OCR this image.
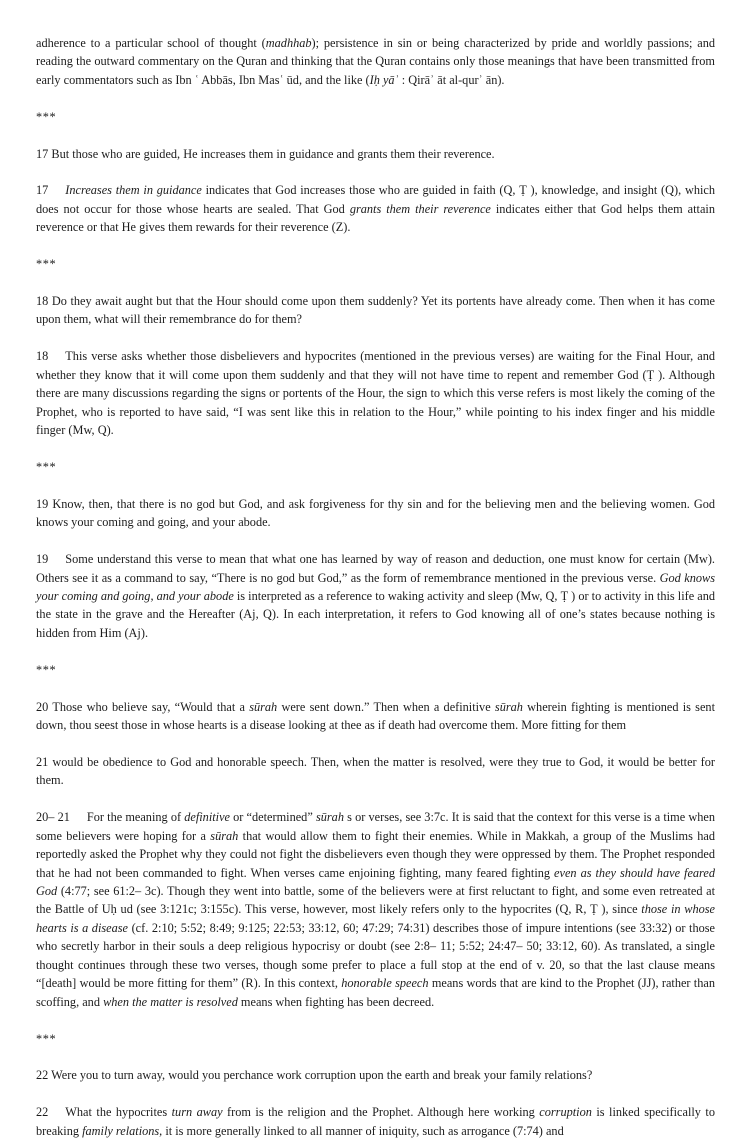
adherence to a particular school of thought (madhhab); persistence in sin or being characterized by pride and worldly passions; and reading the outward commentary on the Quran and thinking that the Quran contains only those meanings that have been transmitted from early commentators such as Ibn ʿ Abbās, Ibn Masʿ ūd, and the like (Iḥ yāʾ : Qirāʾ āt al-qurʾ ān).

***

17 But those who are guided, He increases them in guidance and grants them their reverence.

17 Increases them in guidance indicates that God increases those who are guided in faith (Q, Ṭ ), knowledge, and insight (Q), which does not occur for those whose hearts are sealed. That God grants them their reverence indicates either that God helps them attain reverence or that He gives them rewards for their reverence (Z).

***

18 Do they await aught but that the Hour should come upon them suddenly? Yet its portents have already come. Then when it has come upon them, what will their remembrance do for them?

18 This verse asks whether those disbelievers and hypocrites (mentioned in the previous verses) are waiting for the Final Hour, and whether they know that it will come upon them suddenly and that they will not have time to repent and remember God (Ṭ ). Although there are many discussions regarding the signs or portents of the Hour, the sign to which this verse refers is most likely the coming of the Prophet, who is reported to have said, “I was sent like this in relation to the Hour,” while pointing to his index finger and his middle finger (Mw, Q).

***

19 Know, then, that there is no god but God, and ask forgiveness for thy sin and for the believing men and the believing women. God knows your coming and going, and your abode.

19 Some understand this verse to mean that what one has learned by way of reason and deduction, one must know for certain (Mw). Others see it as a command to say, “There is no god but God,” as the form of remembrance mentioned in the previous verse. God knows your coming and going, and your abode is interpreted as a reference to waking activity and sleep (Mw, Q, Ṭ ) or to activity in this life and the state in the grave and the Hereafter (Aj, Q). In each interpretation, it refers to God knowing all of one’s states because nothing is hidden from Him (Aj).

***

20 Those who believe say, “Would that a sūrah were sent down.” Then when a definitive sūrah wherein fighting is mentioned is sent down, thou seest those in whose hearts is a disease looking at thee as if death had overcome them. More fitting for them

21 would be obedience to God and honorable speech. Then, when the matter is resolved, were they true to God, it would be better for them.

20– 21 For the meaning of definitive or “determined” sūrah s or verses, see 3:7c. It is said that the context for this verse is a time when some believers were hoping for a sūrah that would allow them to fight their enemies. While in Makkah, a group of the Muslims had reportedly asked the Prophet why they could not fight the disbelievers even though they were oppressed by them. The Prophet responded that he had not been commanded to fight. When verses came enjoining fighting, many feared fighting even as they should have feared God (4:77; see 61:2– 3c). Though they went into battle, some of the believers were at first reluctant to fight, and some even retreated at the Battle of Uḥ ud (see 3:121c; 3:155c). This verse, however, most likely refers only to the hypocrites (Q, R, Ṭ ), since those in whose hearts is a disease (cf. 2:10; 5:52; 8:49; 9:125; 22:53; 33:12, 60; 47:29; 74:31) describes those of impure intentions (see 33:32) or those who secretly harbor in their souls a deep religious hypocrisy or doubt (see 2:8– 11; 5:52; 24:47– 50; 33:12, 60). As translated, a single thought continues through these two verses, though some prefer to place a full stop at the end of v. 20, so that the last clause means “[death] would be more fitting for them” (R). In this context, honorable speech means words that are kind to the Prophet (JJ), rather than scoffing, and when the matter is resolved means when fighting has been decreed.

***

22 Were you to turn away, would you perchance work corruption upon the earth and break your family relations?

22 What the hypocrites turn away from is the religion and the Prophet. Although here working corruption is linked specifically to breaking family relations, it is more generally linked to all manner of iniquity, such as arrogance (7:74) and
